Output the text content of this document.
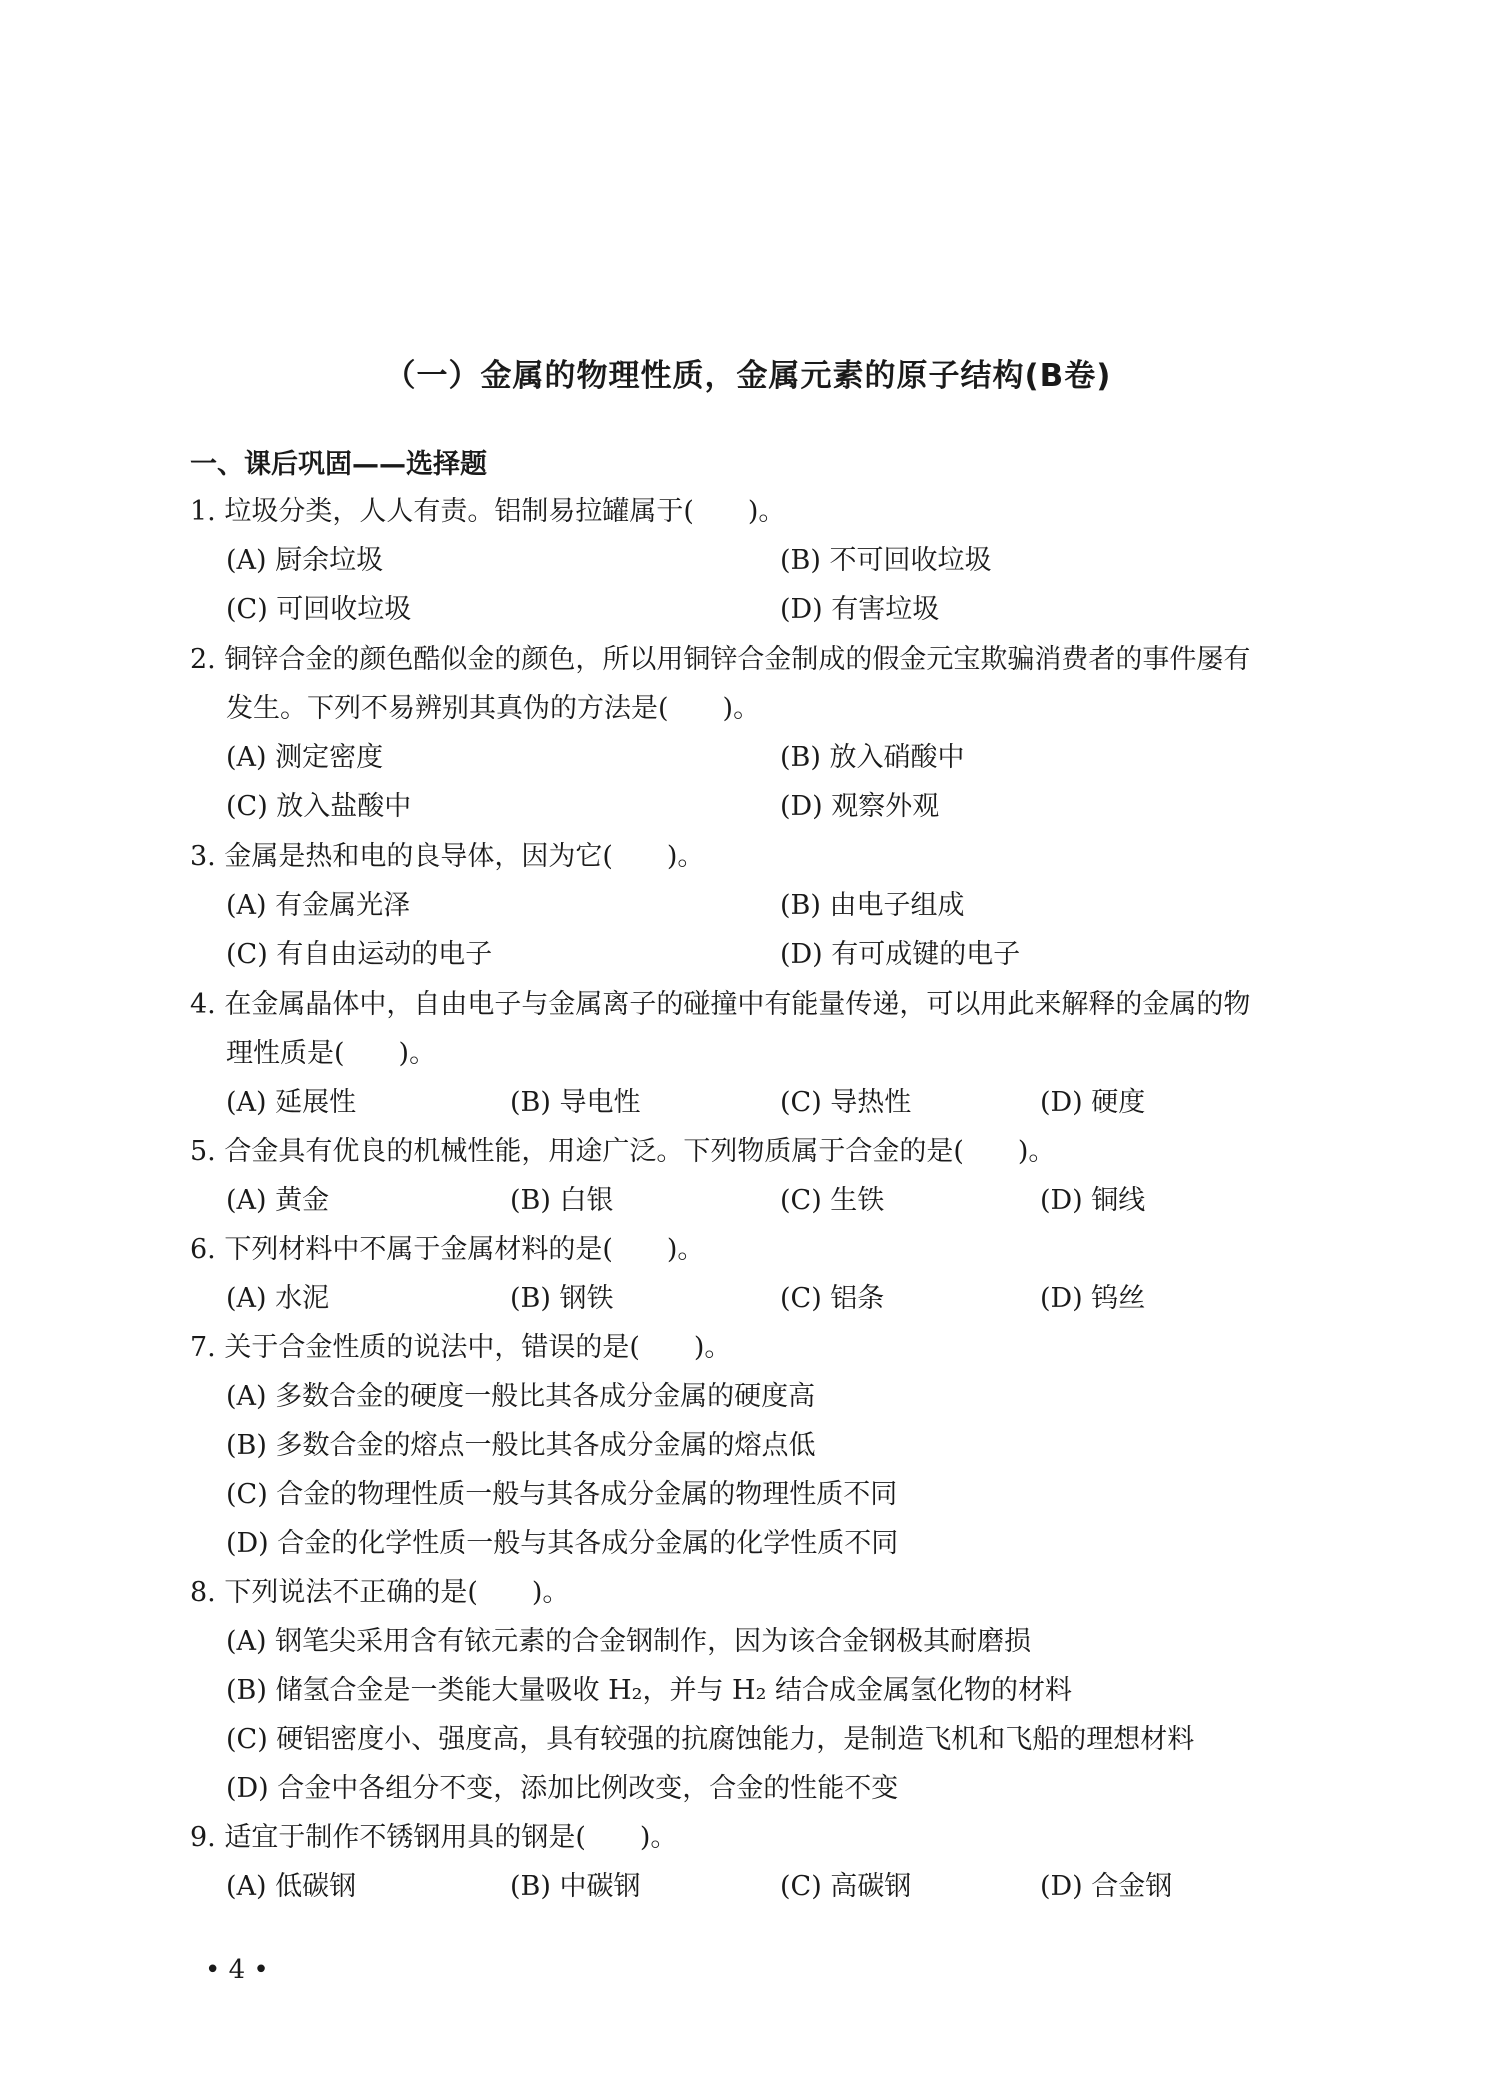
（一）金属的物理性质，金属元素的原子结构(B卷)
一、课后巩固——选择题
1. 垃圾分类，人人有责。铝制易拉罐属于(　　)。
(A) 厨余垃圾	(B) 不可回收垃圾
(C) 可回收垃圾	(D) 有害垃圾
2. 铜锌合金的颜色酷似金的颜色，所以用铜锌合金制成的假金元宝欺骗消费者的事件屡有
发生。下列不易辨别其真伪的方法是(　　)。
(A) 测定密度	(B) 放入硝酸中
(C) 放入盐酸中	(D) 观察外观
3. 金属是热和电的良导体，因为它(　　)。
(A) 有金属光泽	(B) 由电子组成
(C) 有自由运动的电子	(D) 有可成键的电子
4. 在金属晶体中，自由电子与金属离子的碰撞中有能量传递，可以用此来解释的金属的物
理性质是(　　)。
(A) 延展性	(B) 导电性	(C) 导热性	(D) 硬度
5. 合金具有优良的机械性能，用途广泛。下列物质属于合金的是(　　)。
(A) 黄金	(B) 白银	(C) 生铁	(D) 铜线
6. 下列材料中不属于金属材料的是(　　)。
(A) 水泥	(B) 钢铁	(C) 铝条	(D) 钨丝
7. 关于合金性质的说法中，错误的是(　　)。
(A) 多数合金的硬度一般比其各成分金属的硬度高
(B) 多数合金的熔点一般比其各成分金属的熔点低
(C) 合金的物理性质一般与其各成分金属的物理性质不同
(D) 合金的化学性质一般与其各成分金属的化学性质不同
8. 下列说法不正确的是(　　)。
(A) 钢笔尖采用含有铱元素的合金钢制作，因为该合金钢极其耐磨损
(B) 储氢合金是一类能大量吸收 H₂，并与 H₂ 结合成金属氢化物的材料
(C) 硬铝密度小、强度高，具有较强的抗腐蚀能力，是制造飞机和飞船的理想材料
(D) 合金中各组分不变，添加比例改变，合金的性能不变
9. 适宜于制作不锈钢用具的钢是(　　)。
(A) 低碳钢	(B) 中碳钢	(C) 高碳钢	(D) 合金钢
• 4 •
